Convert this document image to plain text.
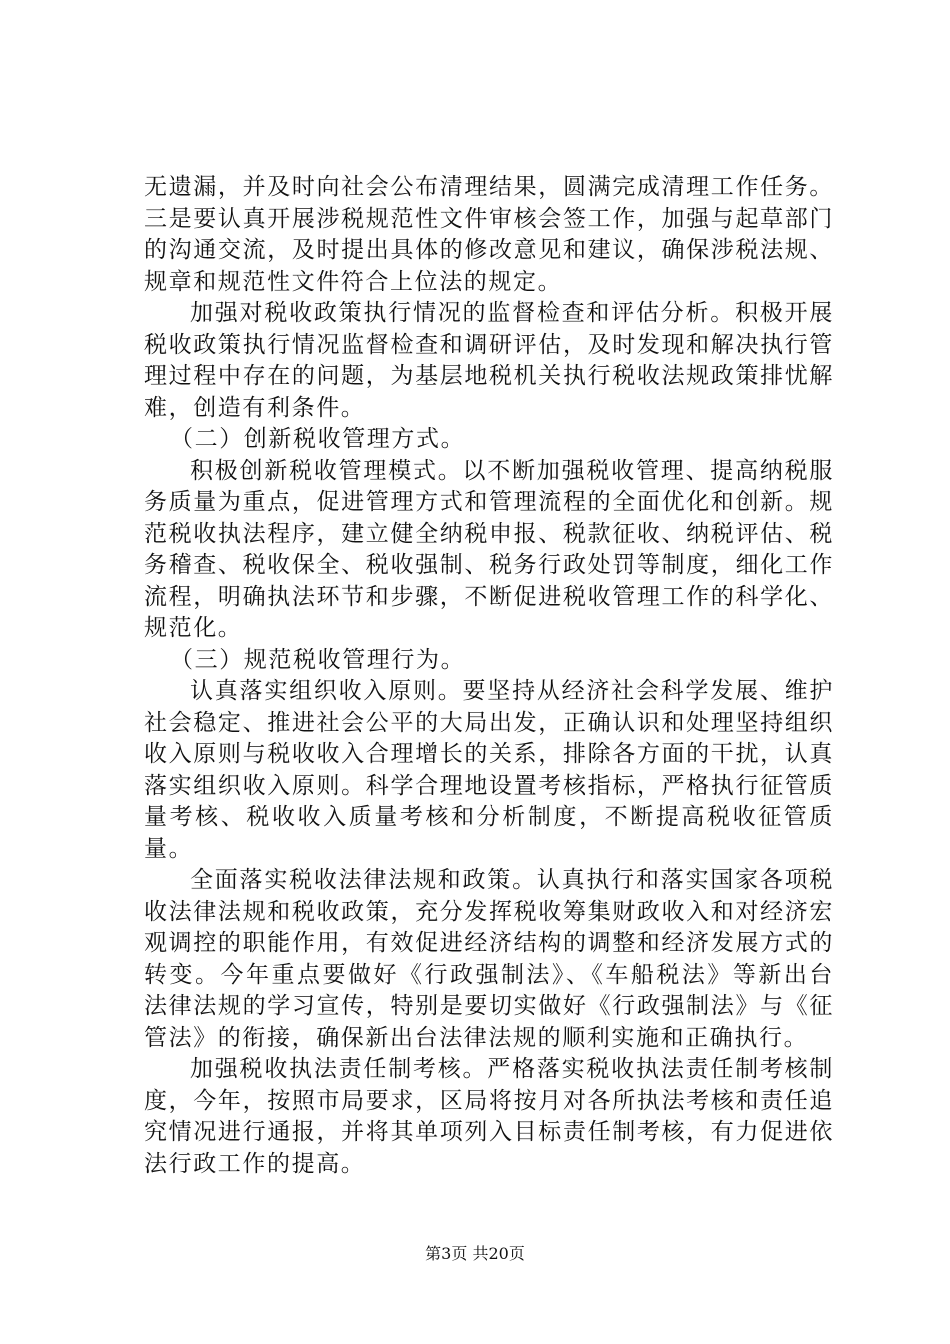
无遗漏，并及时向社会公布清理结果，圆满完成清理工作任务。三是要认真开展涉税规范性文件审核会签工作，加强与起草部门的沟通交流，及时提出具体的修改意见和建议，确保涉税法规、规章和规范性文件符合上位法的规定。

加强对税收政策执行情况的监督检查和评估分析。积极开展税收政策执行情况监督检查和调研评估，及时发现和解决执行管理过程中存在的问题，为基层地税机关执行税收法规政策排忧解难，创造有利条件。

（二）创新税收管理方式。

积极创新税收管理模式。以不断加强税收管理、提高纳税服务质量为重点，促进管理方式和管理流程的全面优化和创新。规范税收执法程序，建立健全纳税申报、税款征收、纳税评估、税务稽查、税收保全、税收强制、税务行政处罚等制度，细化工作流程，明确执法环节和步骤，不断促进税收管理工作的科学化、规范化。

（三）规范税收管理行为。

认真落实组织收入原则。要坚持从经济社会科学发展、维护社会稳定、推进社会公平的大局出发，正确认识和处理坚持组织收入原则与税收收入合理增长的关系，排除各方面的干扰，认真落实组织收入原则。科学合理地设置考核指标，严格执行征管质量考核、税收收入质量考核和分析制度，不断提高税收征管质量。

全面落实税收法律法规和政策。认真执行和落实国家各项税收法律法规和税收政策，充分发挥税收筹集财政收入和对经济宏观调控的职能作用，有效促进经济结构的调整和经济发展方式的转变。今年重点要做好《行政强制法》、《车船税法》等新出台法律法规的学习宣传，特别是要切实做好《行政强制法》与《征管法》的衔接，确保新出台法律法规的顺利实施和正确执行。

加强税收执法责任制考核。严格落实税收执法责任制考核制度，今年，按照市局要求，区局将按月对各所执法考核和责任追究情况进行通报，并将其单项列入目标责任制考核，有力促进依法行政工作的提高。

第3页 共20页
